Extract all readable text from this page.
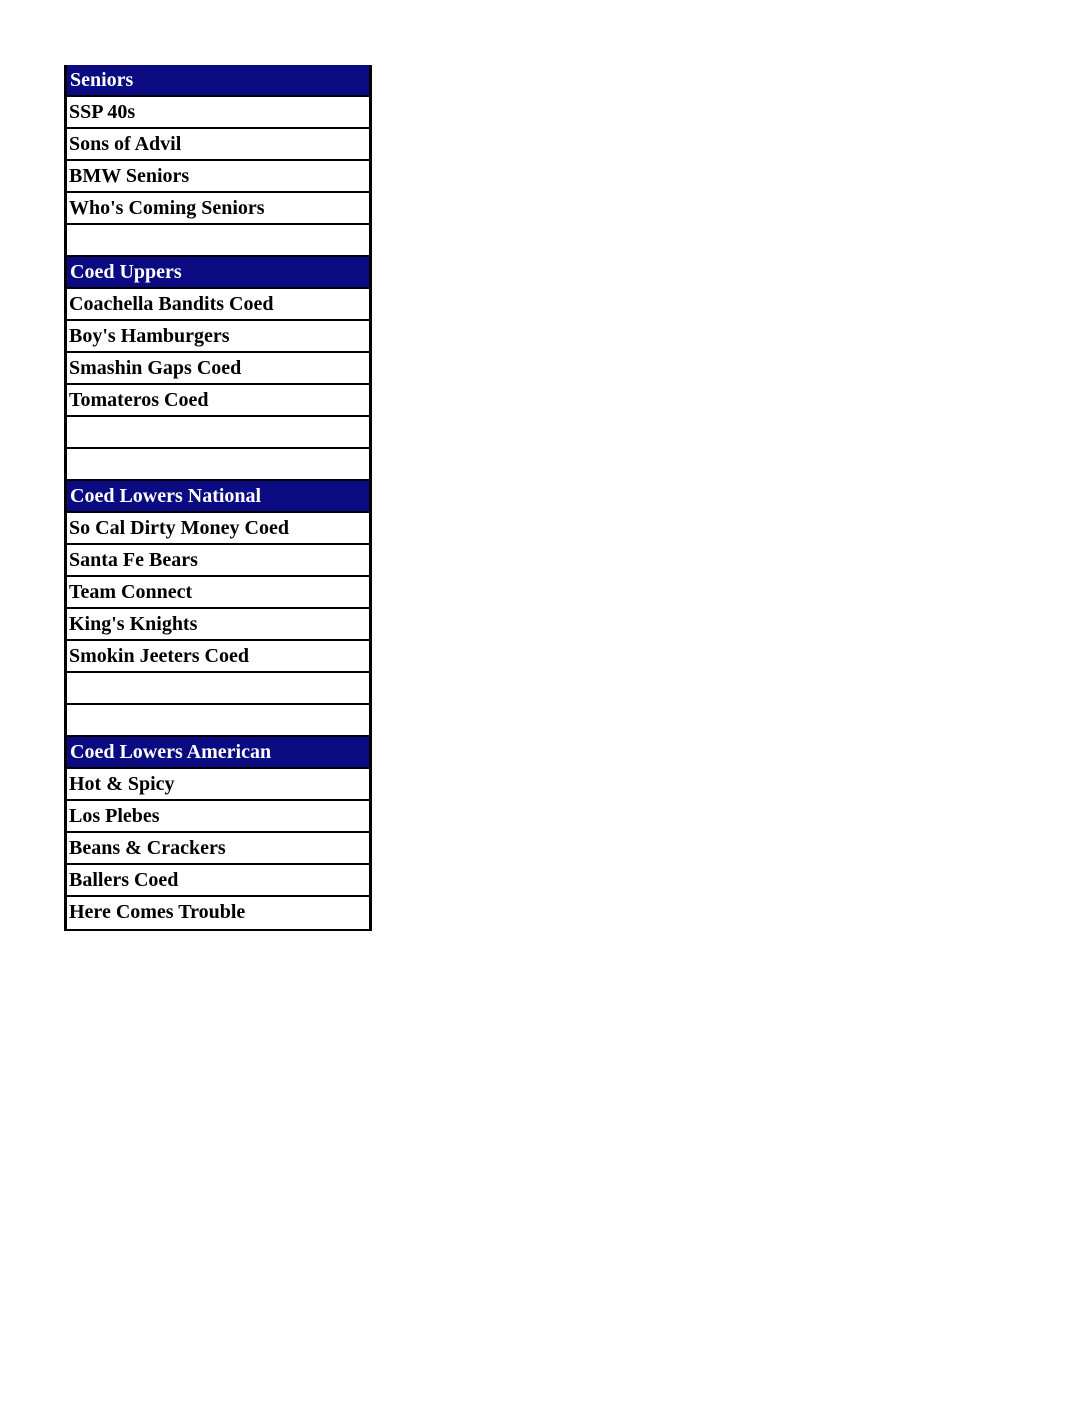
Seniors
SSP 40s
Sons of Advil
BMW Seniors
Who's Coming Seniors
Coed Uppers
Coachella Bandits Coed
Boy's Hamburgers
Smashin Gaps Coed
Tomateros Coed
Coed Lowers National
So Cal Dirty Money Coed
Santa Fe Bears
Team Connect
King's Knights
Smokin Jeeters Coed
Coed Lowers American
Hot & Spicy
Los Plebes
Beans & Crackers
Ballers Coed
Here Comes Trouble
